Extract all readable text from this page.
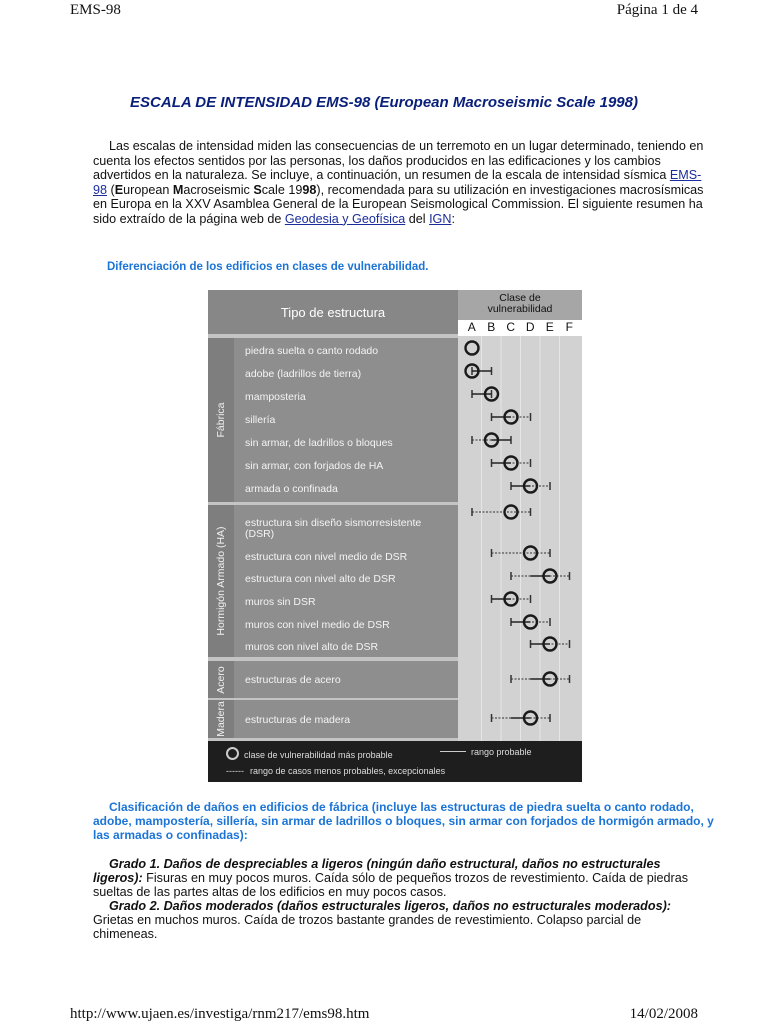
EMS-98	Página 1 de 4
ESCALA DE INTENSIDAD EMS-98 (European Macroseismic Scale 1998)

Las escalas de intensidad miden las consecuencias de un terremoto en un lugar determinado, teniendo en cuenta los efectos sentidos por las personas, los daños producidos en las edificaciones y los cambios advertidos en la naturaleza. Se incluye, a continuación, un resumen de la escala de intensidad sísmica EMS-98 (European Macroseismic Scale 1998), recomendada para su utilización en investigaciones macrosísmicas en Europa en la XXV Asamblea General de la European Seismological Commission. El siguiente resumen ha sido extraído de la página web de Geodesia y Geofísica del IGN:

Diferenciación de los edificios en clases de vulnerabilidad.
Tipo de estructura
Clase de
vulnerabilidad
A B C D E F
Fábrica
piedra suelta o canto rodado
adobe (ladrillos de tierra)
mamposteria
sillería
sin armar, de ladrillos o bloques
sin armar, con forjados de HA
armada o confinada
Hormigón Armado (HA)
estructura sin diseño sismorresistente
(DSR)
estructura con nivel medio de DSR
estructura con nivel alto de DSR
muros sin DSR
muros con nivel medio de DSR
muros con nivel alto de DSR
Acero estructuras de acero
Madera estructuras de madera
clase de vulnerabilidad más probable
------ rango de casos menos probables, excepcionales
rango probable
Clasificación de daños en edificios de fábrica (incluye las estructuras de piedra suelta o canto rodado, adobe, mampostería, sillería, sin armar de ladrillos o bloques, sin armar con forjados de hormigón armado, y las armadas o confinadas):

Grado 1. Daños de despreciables a ligeros (ningún daño estructural, daños no estructurales ligeros): Fisuras en muy pocos muros. Caída sólo de pequeños trozos de revestimiento. Caída de piedras sueltas de las partes altas de los edificios en muy pocos casos.

Grado 2. Daños moderados (daños estructurales ligeros, daños no estructurales moderados): Grietas en muchos muros. Caída de trozos bastante grandes de revestimiento. Colapso parcial de chimeneas.

http://www.ujaen.es/investiga/rnm217/ems98.htm	14/02/2008
